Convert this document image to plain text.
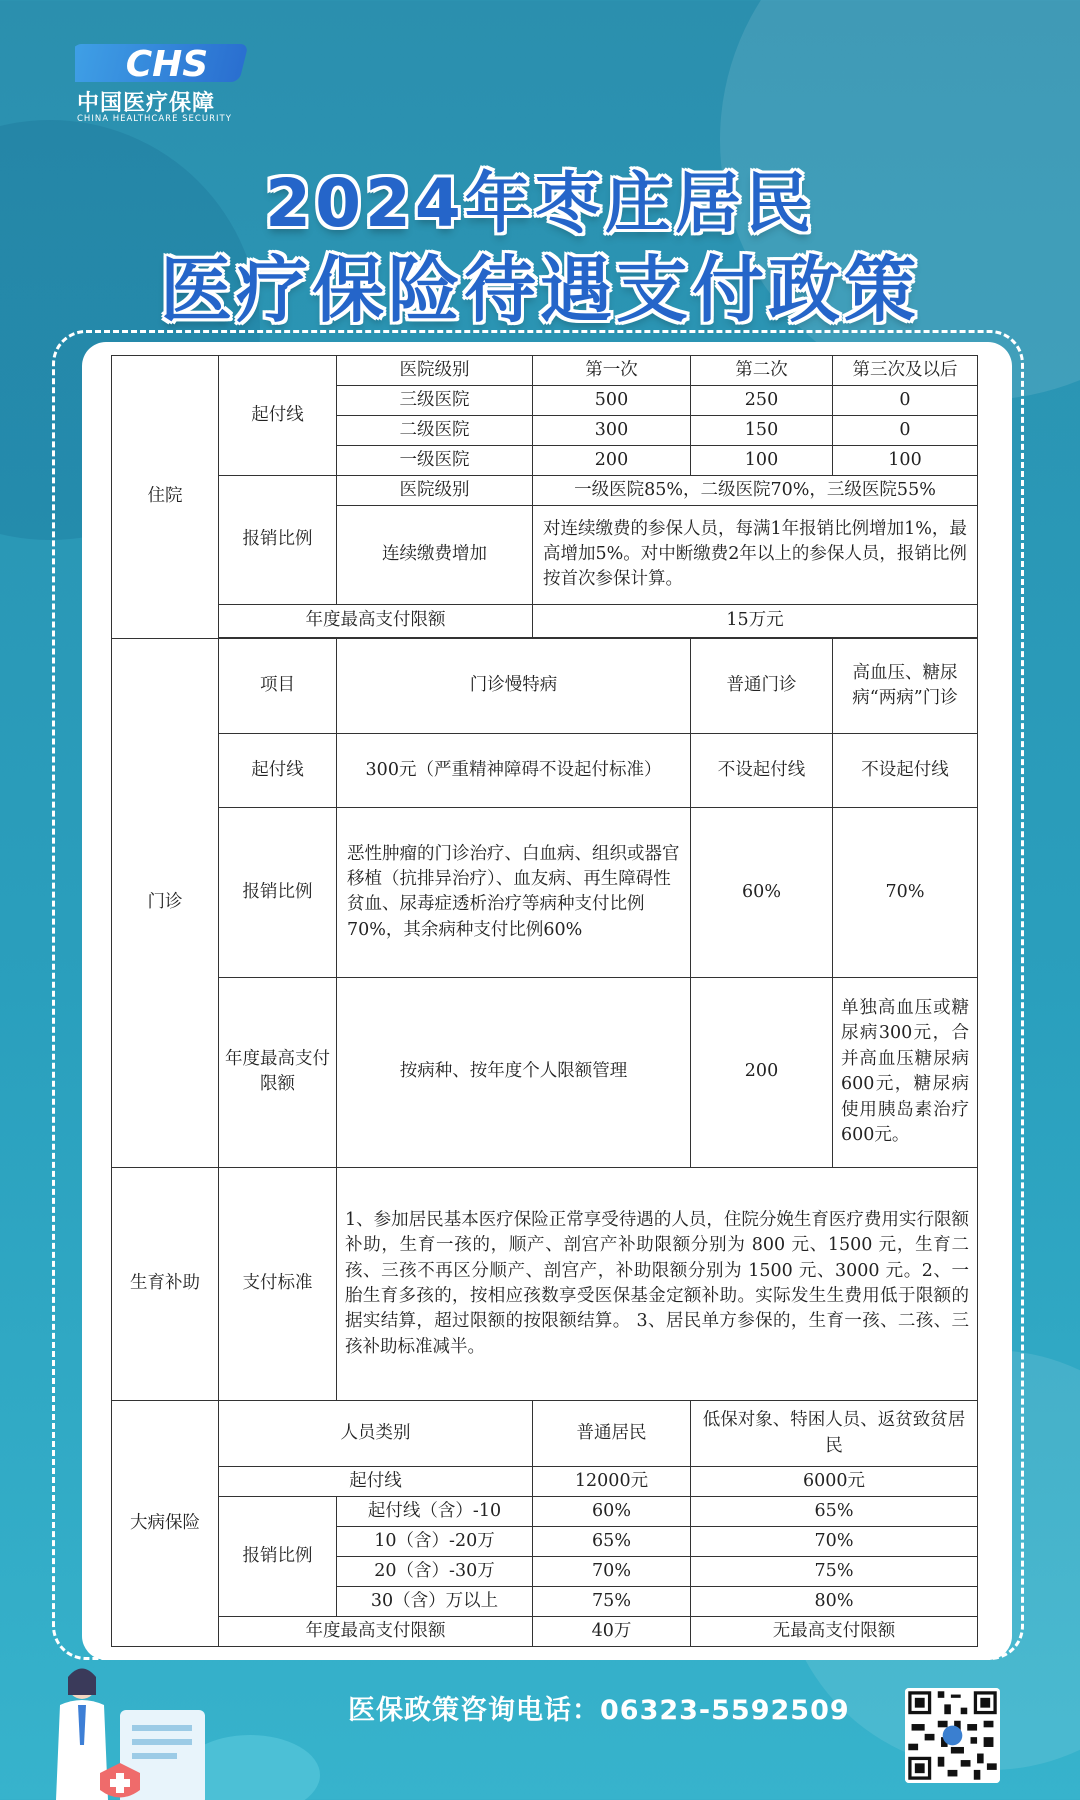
CHS
中国医疗保障
CHINA HEALTHCARE SECURITY
2024年枣庄居民
医疗保险待遇支付政策
住院	起付线	医院级别	第一次	第二次	第三次及以后
		三级医院	500	250	0
		二级医院	300	150	0
		一级医院	200	100	100
	报销比例	医院级别	一级医院85%，二级医院70%，三级医院55%		
		连续缴费增加	对连续缴费的参保人员，每满1年报销比例增加1%，最高增加5%。对中断缴费2年以上的参保人员，报销比例按首次参保计算。		
	年度最高支付限额		15万元		

门诊	项目	门诊慢特病		普通门诊	高血压、糖尿病“两病”门诊
	起付线	300元（严重精神障碍不设起付标准）		不设起付线	不设起付线
	报销比例	恶性肿瘤的门诊治疗、白血病、组织或器官移植（抗排异治疗）、血友病、再生障碍性贫血、尿毒症透析治疗等病种支付比例70%，其余病种支付比例60%		60%	70%
	年度最高支付限额	按病种、按年度个人限额管理		200	单独高血压或糖尿病300元，合并高血压糖尿病600元，糖尿病使用胰岛素治疗600元。
生育补助	支付标准	1、参加居民基本医疗保险正常享受待遇的人员，住院分娩生育医疗费用实行限额补助，生育一孩的，顺产、剖宫产补助限额分别为 800 元、1500 元，生育二孩、三孩不再区分顺产、剖宫产，补助限额分别为 1500 元、3000 元。2、一胎生育多孩的，按相应孩数享受医保基金定额补助。实际发生生费用低于限额的据实结算，超过限额的按限额结算。 3、居民单方参保的，生育一孩、二孩、三孩补助标准减半。			
大病保险	人员类别		普通居民	低保对象、特困人员、返贫致贫居民	
	起付线		12000元	6000元	
	报销比例	起付线（含）-10	60%	65%	
		10（含）-20万	65%	70%	
		20（含）-30万	70%	75%	
		30（含）万以上	75%	80%	
	年度最高支付限额		40万	无最高支付限额	
医保政策咨询电话：06323-5592509
